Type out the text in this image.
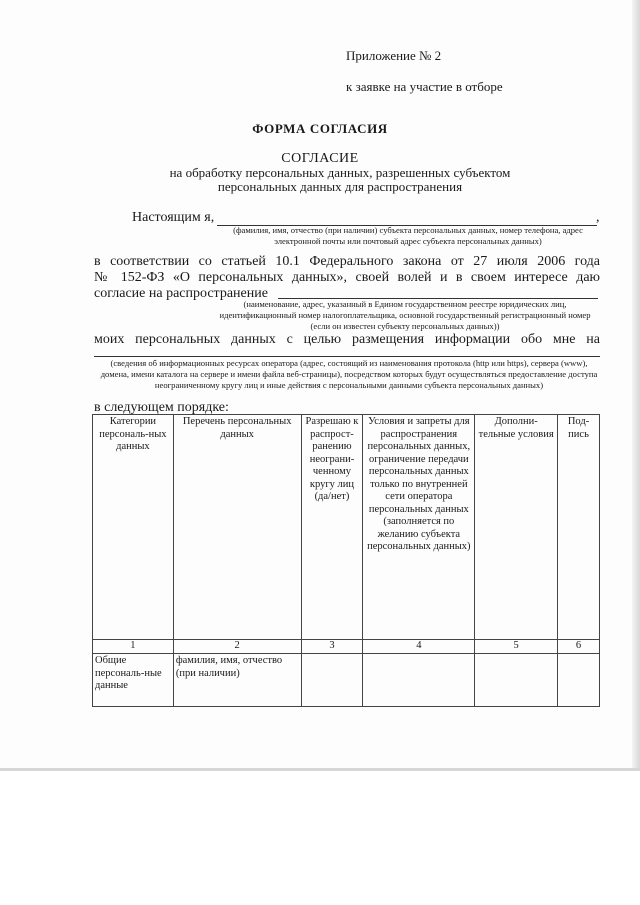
Приложение № 2
к заявке на участие в отборе
ФОРМА СОГЛАСИЯ
СОГЛАСИЕ
на обработку персональных данных, разрешенных субъектом персональных данных для распространения
Настоящим я,	,
(фамилия, имя, отчество (при наличии) субъекта персональных данных, номер телефона, адрес электронной почты или почтовый адрес субъекта персональных данных)
в соответствии со статьей 10.1 Федерального закона от 27 июля 2006 года
№ 152-ФЗ «О персональных данных», своей волей и в своем интересе даю
согласие на распространение
(наименование, адрес, указанный в Едином государственном реестре юридических лиц, идентификационный номер налогоплательщика, основной государственный регистрационный номер (если он известен субъекту персональных данных))
моих персональных данных с целью размещения информации обо мне на
(сведения об информационных ресурсах оператора (адрес, состоящий из наименования протокола (http или https), сервера (www), домена, имени каталога на сервере и имени файла веб-страницы), посредством которых будут осуществляться предоставление доступа неограниченному кругу лиц и иные действия с персональными данными субъекта персональных данных)
в следующем порядке:
Категории персональ-ных данных	Перечень персональных данных	Разрешаю к распрост-ранению неограни-ченному кругу лиц (да/нет)	Условия и запреты для распространения персональных данных, ограничение передачи персональных данных только по внутренней сети оператора персональных данных (заполняется по желанию субъекта персональных данных)	Дополни-тельные условия	Под-пись
1	2	3	4	5	6
Общие персональ-ные данные	фамилия, имя, отчество (при наличии)				
